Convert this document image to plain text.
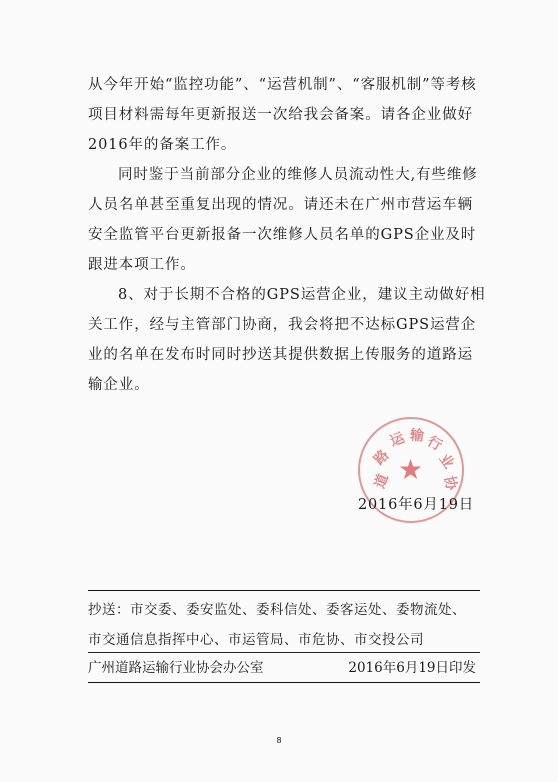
从今年开始“监控功能”、“运营机制”、“客服机制”等考核项目材料需每年更新报送一次给我会备案。请各企业做好2016年的备案工作。

同时鉴于当前部分企业的维修人员流动性大,有些维修人员名单甚至重复出现的情况。请还未在广州市营运车辆安全监管平台更新报备一次维修人员名单的GPS企业及时跟进本项工作。

8、对于长期不合格的GPS运营企业，建议主动做好相关工作，经与主管部门协商，我会将把不达标GPS运营企业的名单在发布时同时抄送其提供数据上传服务的道路运输企业。

道
路
运 输 行
业
协
★
2016年6月19日
抄送：市交委、委安监处、委科信处、委客运处、委物流处、
市交通信息指挥中心、市运管局、市危协、市交投公司
广州道路运输行业协会办公室	2016年6月19日印发
8
